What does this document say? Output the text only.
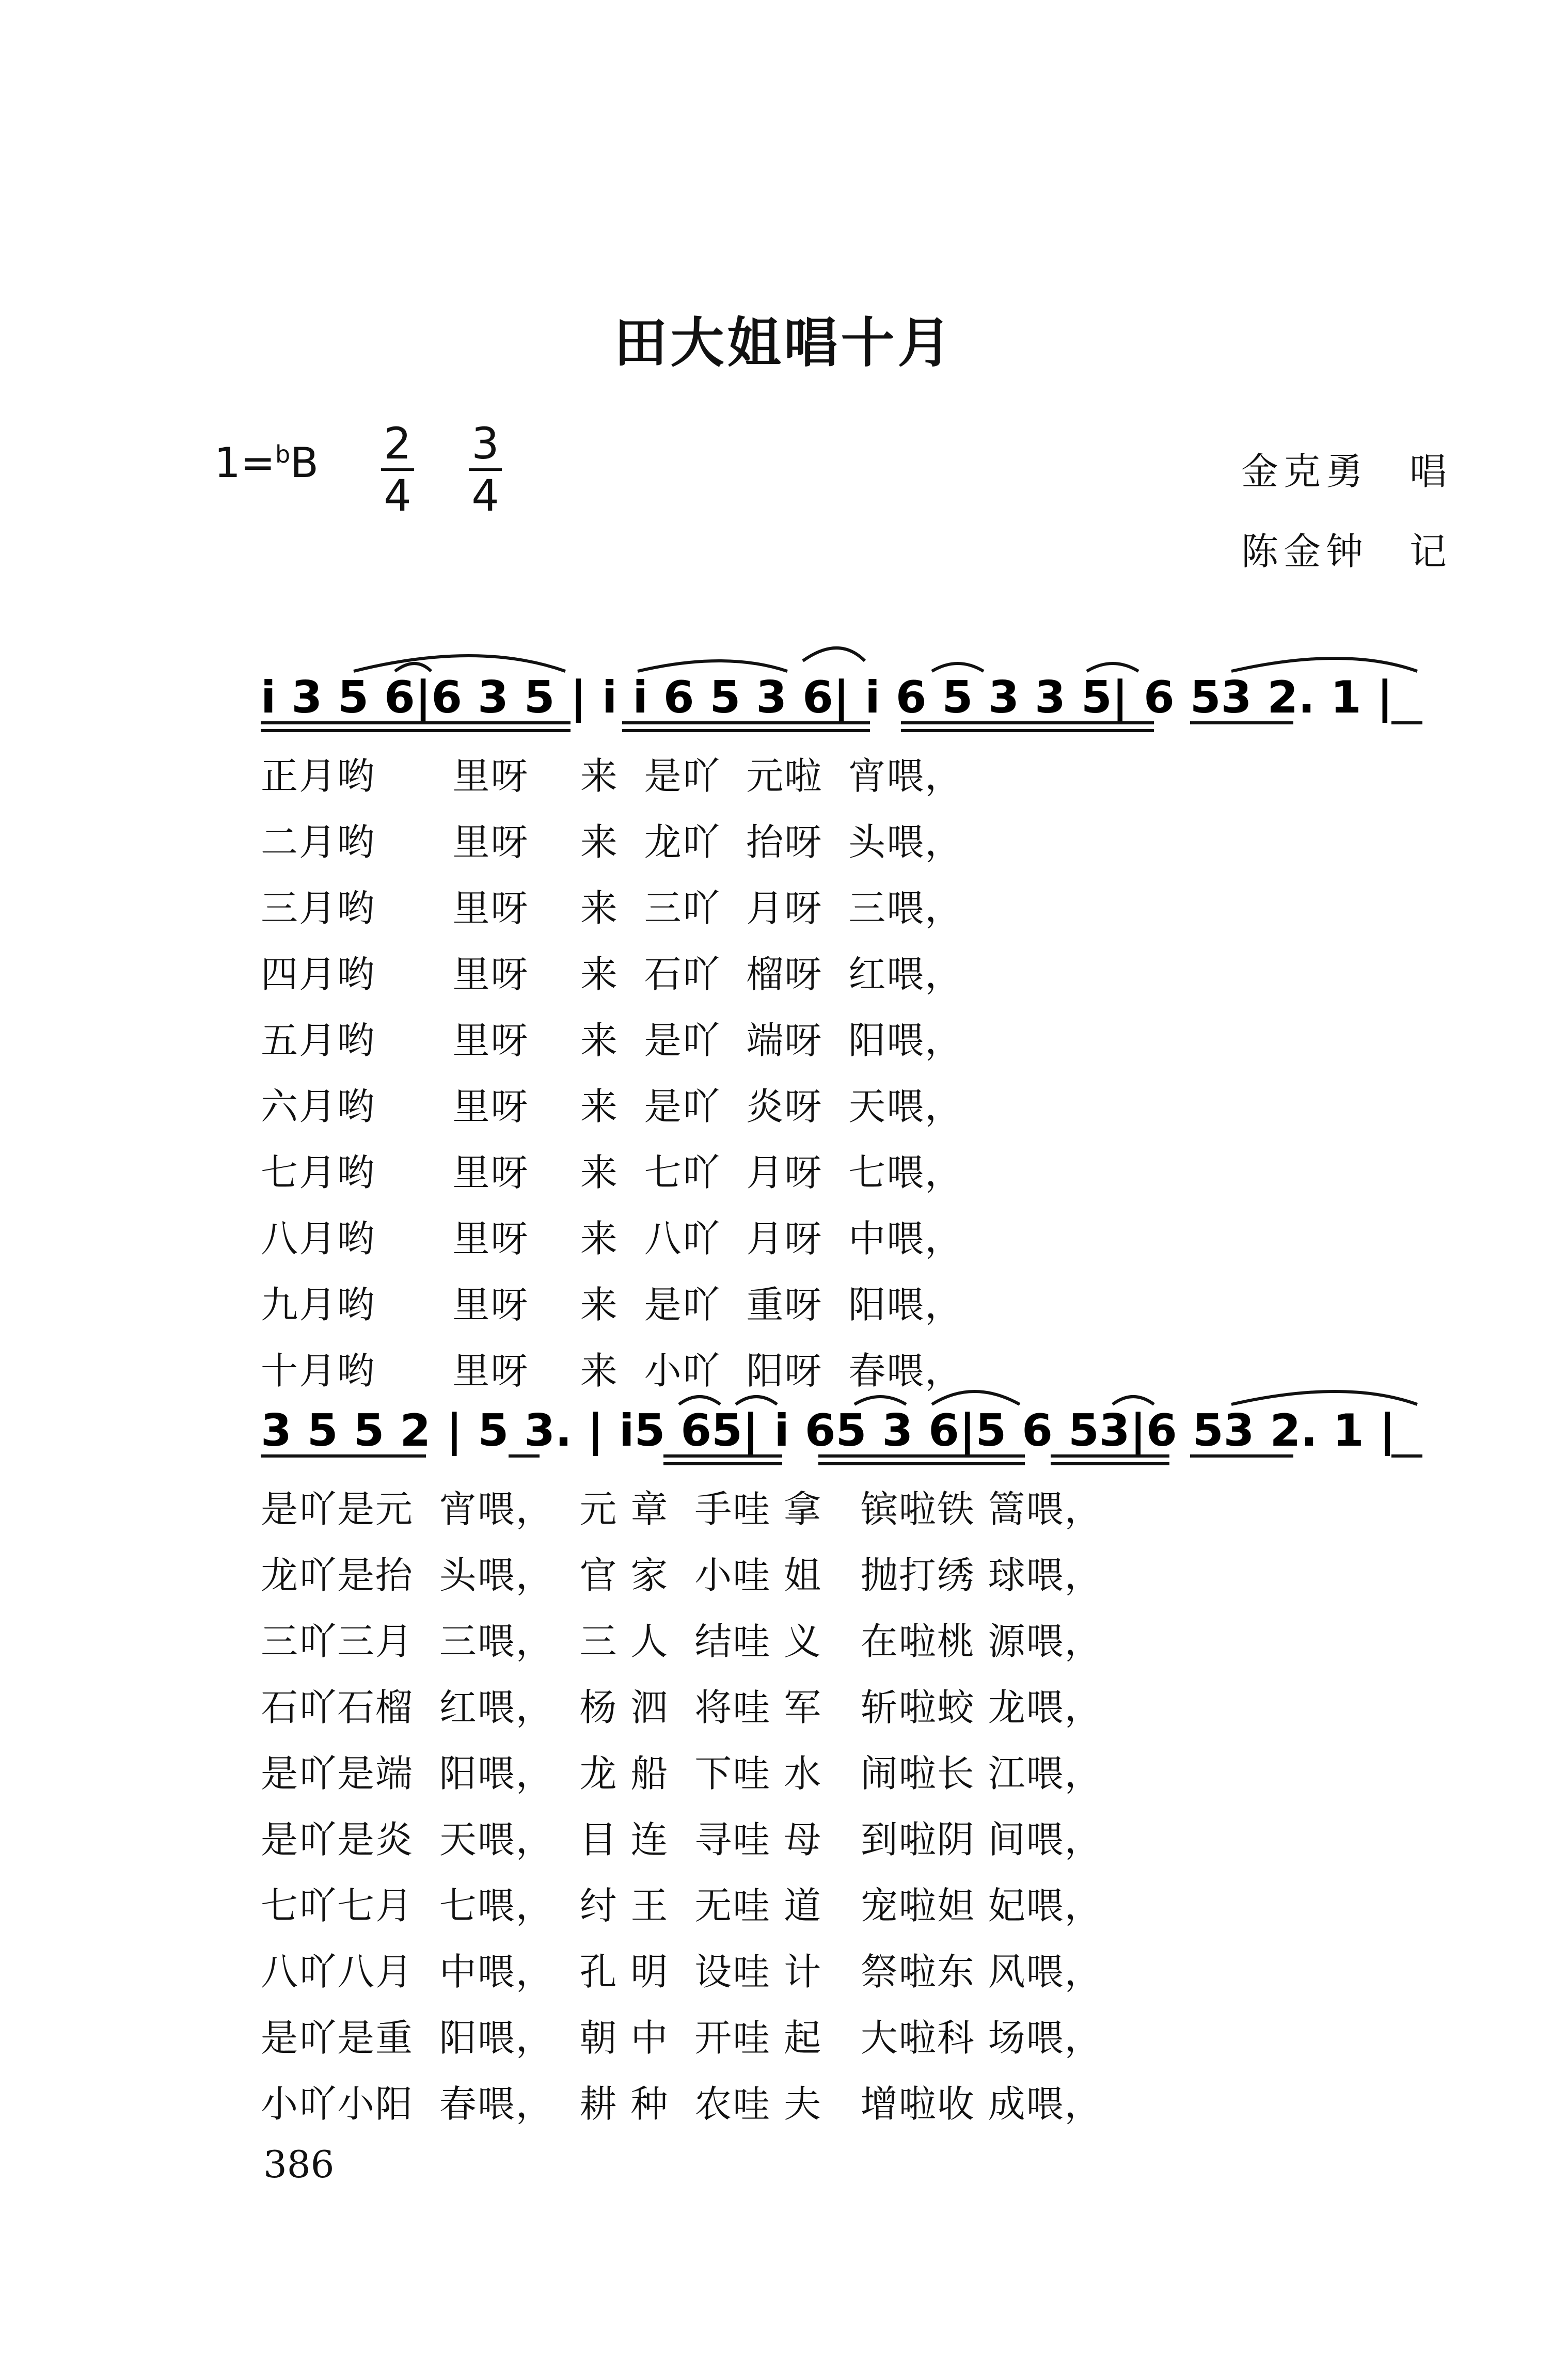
田大姐唱十月
1=$^b$B 2
4
3
4	金克勇 唱
陈金钟 记
i 3 5 6|6 3 5 | i i 6 5 3 6| i 6 5 3 3 5| 6 53 2. 1 |
正月哟      里呀    来  是吖  元啦  宵喂，
二月哟      里呀    来  龙吖  抬呀  头喂，
三月哟      里呀    来  三吖  月呀  三喂，
四月哟      里呀    来  石吖  榴呀  红喂，
五月哟      里呀    来  是吖  端呀  阳喂，
六月哟      里呀    来  是吖  炎呀  天喂，
七月哟      里呀    来  七吖  月呀  七喂，
八月哟      里呀    来  八吖  月呀  中喂，
九月哟      里呀    来  是吖  重呀  阳喂，
十月哟      里呀    来  小吖  阳呀  春喂，
3 5 5 2 | 5 3. | i5 65| i 65 3 6|5 6 53|6 53 2. 1 |
是吖是元  宵喂，  元 章  手哇 拿   镔啦铁 篙喂，
龙吖是抬  头喂，  官 家  小哇 姐   抛打绣 球喂，
三吖三月  三喂，  三 人  结哇 义   在啦桃 源喂，
石吖石榴  红喂，  杨 泗  将哇 军   斩啦蛟 龙喂，
是吖是端  阳喂，  龙 船  下哇 水   闹啦长 江喂，
是吖是炎  天喂，  目 连  寻哇 母   到啦阴 间喂，
七吖七月  七喂，  纣 王  无哇 道   宠啦妲 妃喂，
八吖八月  中喂，  孔 明  设哇 计   祭啦东 风喂，
是吖是重  阳喂，  朝 中  开哇 起   大啦科 场喂，
小吖小阳  春喂，  耕 种  农哇 夫   增啦收 成喂，
386
